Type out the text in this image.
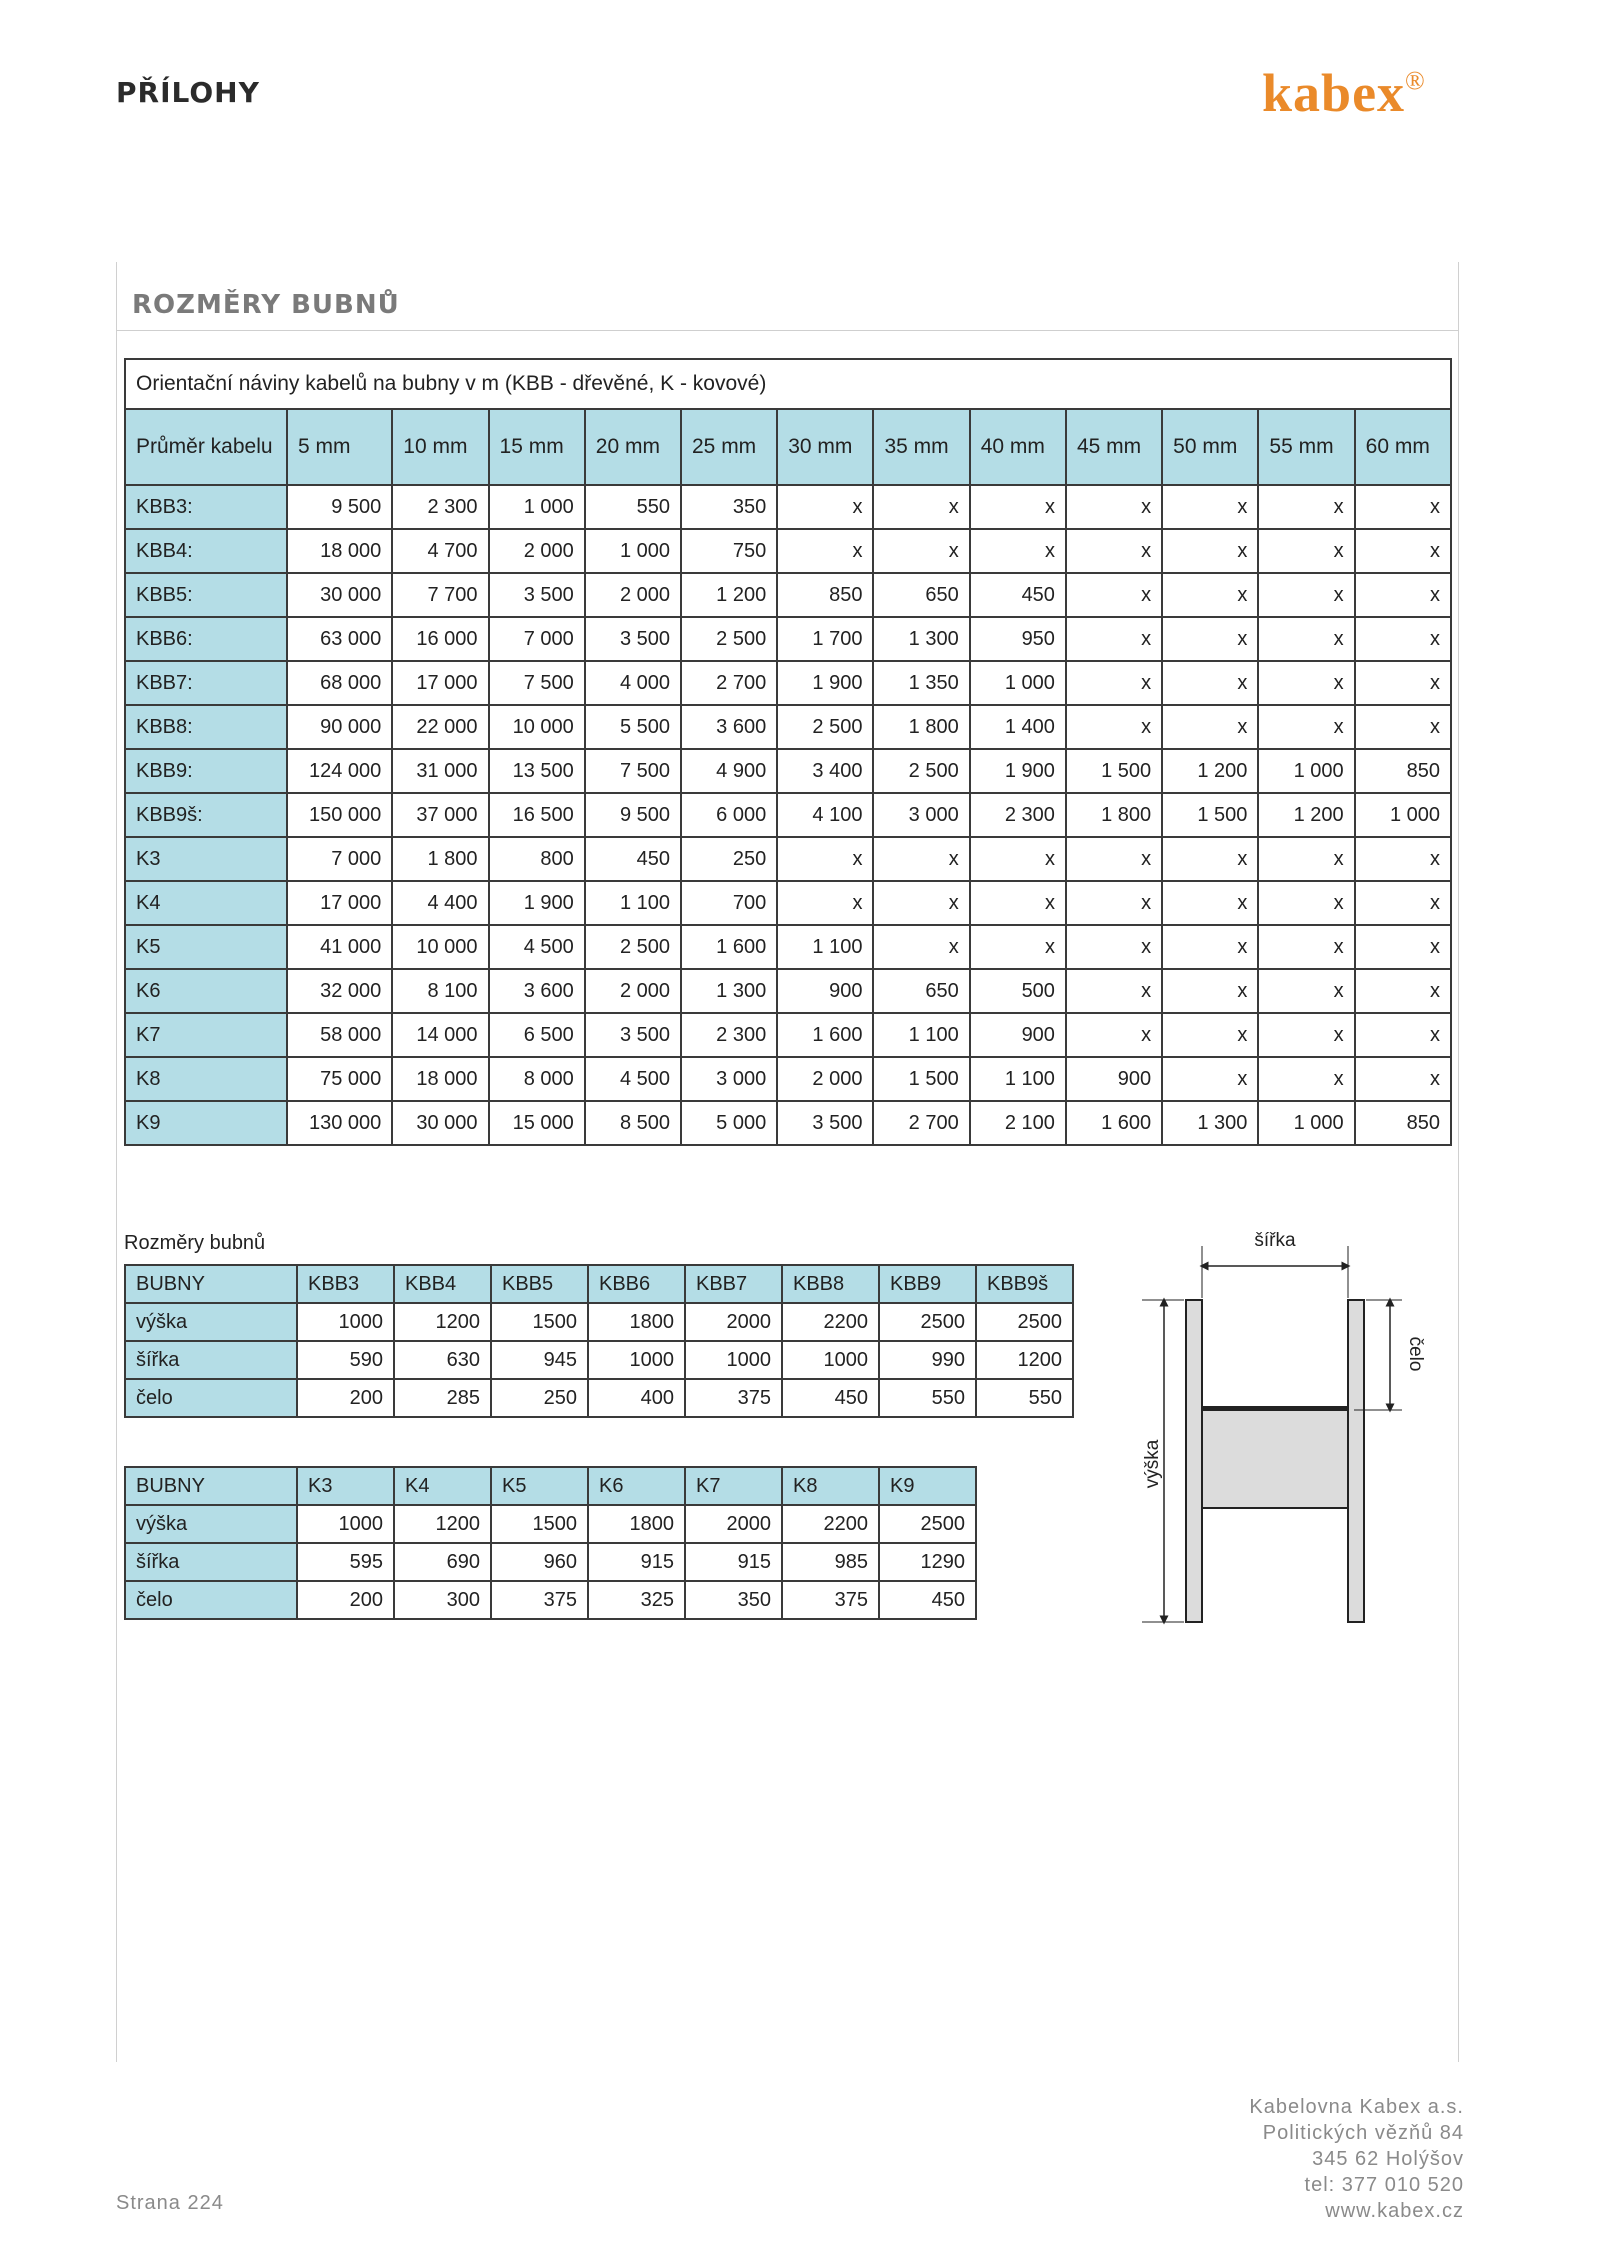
PŘÍLOHY	kabex®
ROZMĚRY BUBNŮ
Orientační náviny kabelů na bubny v m (KBB - dřevěné, K - kovové)												
Průměr kabelu	5 mm	10 mm	15 mm	20 mm	25 mm	30 mm	35 mm	40 mm	45 mm	50 mm	55 mm	60 mm
KBB3:	9 500	2 300	1 000	550	350	x	x	x	x	x	x	x
KBB4:	18 000	4 700	2 000	1 000	750	x	x	x	x	x	x	x
KBB5:	30 000	7 700	3 500	2 000	1 200	850	650	450	x	x	x	x
KBB6:	63 000	16 000	7 000	3 500	2 500	1 700	1 300	950	x	x	x	x
KBB7:	68 000	17 000	7 500	4 000	2 700	1 900	1 350	1 000	x	x	x	x
KBB8:	90 000	22 000	10 000	5 500	3 600	2 500	1 800	1 400	x	x	x	x
KBB9:	124 000	31 000	13 500	7 500	4 900	3 400	2 500	1 900	1 500	1 200	1 000	850
KBB9š:	150 000	37 000	16 500	9 500	6 000	4 100	3 000	2 300	1 800	1 500	1 200	1 000
K3	7 000	1 800	800	450	250	x	x	x	x	x	x	x
K4	17 000	4 400	1 900	1 100	700	x	x	x	x	x	x	x
K5	41 000	10 000	4 500	2 500	1 600	1 100	x	x	x	x	x	x
K6	32 000	8 100	3 600	2 000	1 300	900	650	500	x	x	x	x
K7	58 000	14 000	6 500	3 500	2 300	1 600	1 100	900	x	x	x	x
K8	75 000	18 000	8 000	4 500	3 000	2 000	1 500	1 100	900	x	x	x
K9	130 000	30 000	15 000	8 500	5 000	3 500	2 700	2 100	1 600	1 300	1 000	850
Rozměry bubnů
BUBNY	KBB3	KBB4	KBB5	KBB6	KBB7	KBB8	KBB9	KBB9š
výška	1000	1200	1500	1800	2000	2200	2500	2500
šířka	590	630	945	1000	1000	1000	990	1200
čelo	200	285	250	400	375	450	550	550
BUBNY	K3	K4	K5	K6	K7	K8	K9
výška	1000	1200	1500	1800	2000	2200	2500
šířka	595	690	960	915	915	985	1290
čelo	200	300	375	325	350	375	450
šířka
čelo
výška
Strana 224
Kabelovna Kabex a.s.
Politických vězňů 84
345 62 Holýšov
tel: 377 010 520
www.kabex.cz
